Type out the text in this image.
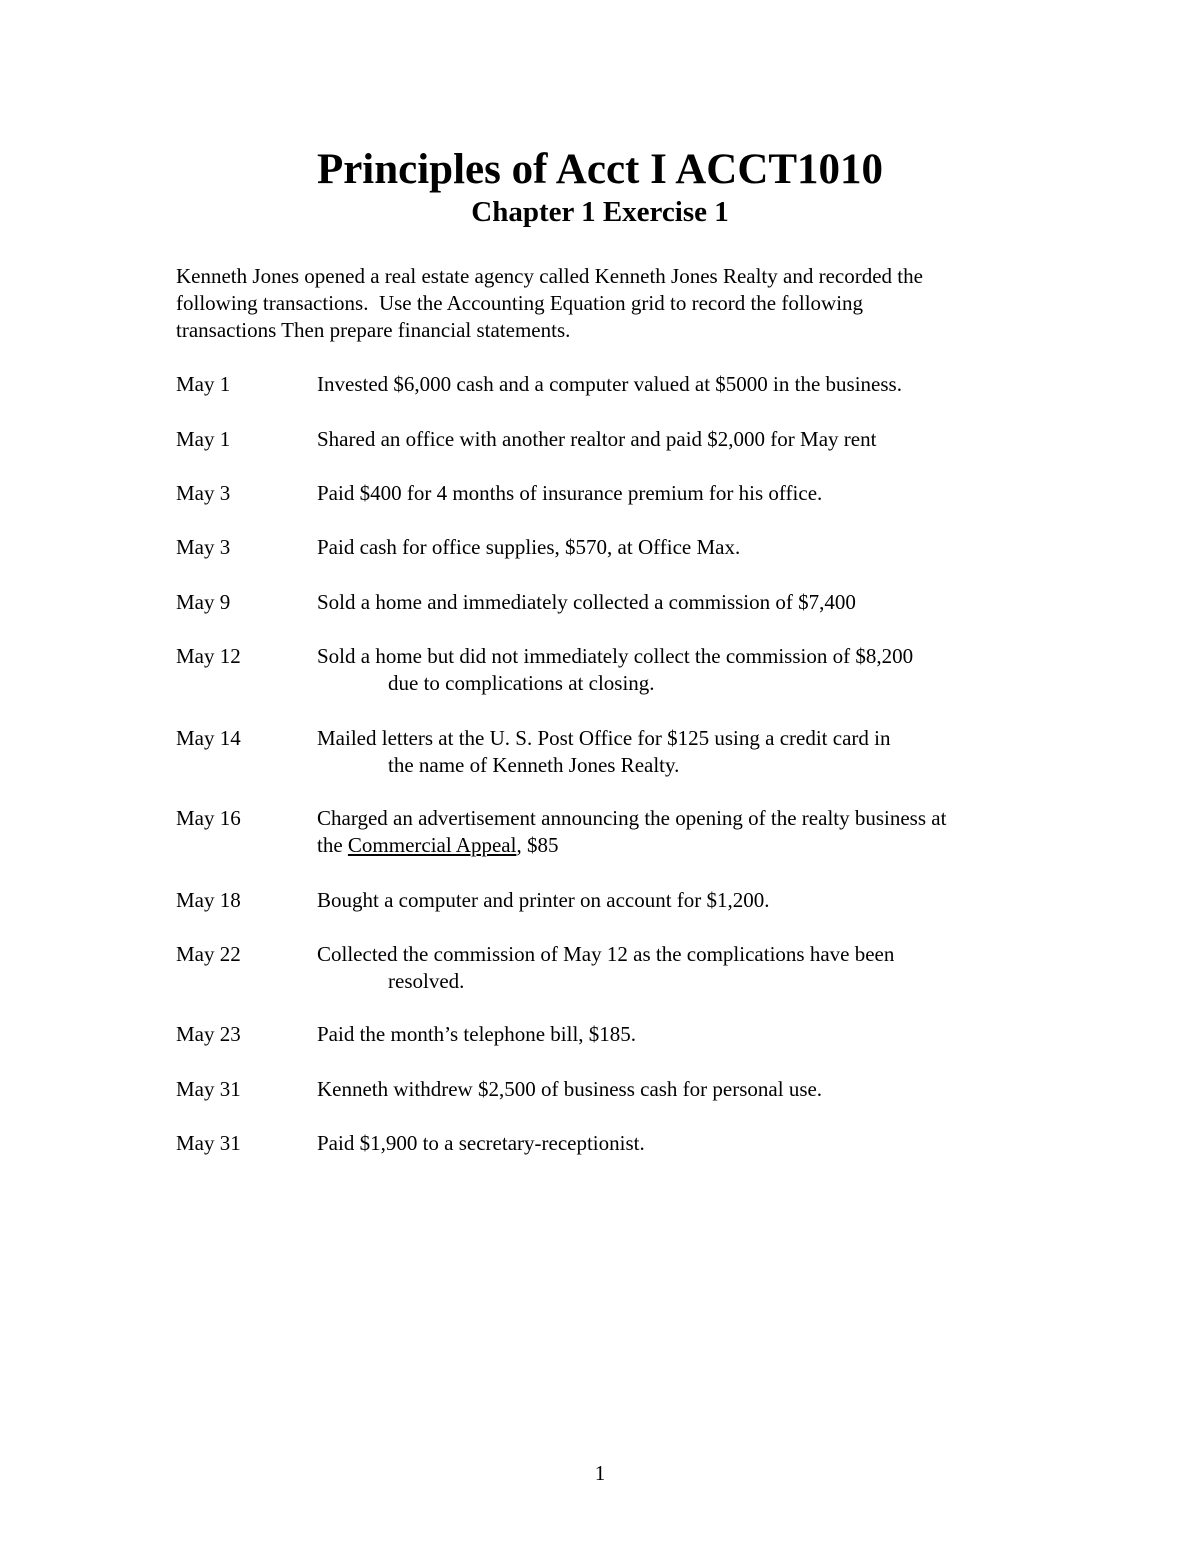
Principles of Acct I ACCT1010
Chapter 1 Exercise 1
Kenneth Jones opened a real estate agency called Kenneth Jones Realty and recorded the
following transactions.  Use the Accounting Equation grid to record the following
transactions Then prepare financial statements.
May 1	Invested $6,000 cash and a computer valued at $5000 in the business.
May 1	Shared an office with another realtor and paid $2,000 for May rent
May 3	Paid $400 for 4 months of insurance premium for his office.
May 3	Paid cash for office supplies, $570, at Office Max.
May 9	Sold a home and immediately collected a commission of $7,400
May 12	Sold a home but did not immediately collect the commission of $8,200
due to complications at closing.
May 14	Mailed letters at the U. S. Post Office for $125 using a credit card in
the name of Kenneth Jones Realty.
May 16	Charged an advertisement announcing the opening of the realty business at
the Commercial Appeal, $85
May 18	Bought a computer and printer on account for $1,200.
May 22	Collected the commission of May 12 as the complications have been
resolved.
May 23	Paid the month’s telephone bill, $185.
May 31	Kenneth withdrew $2,500 of business cash for personal use.
May 31	Paid $1,900 to a secretary-receptionist.
1
